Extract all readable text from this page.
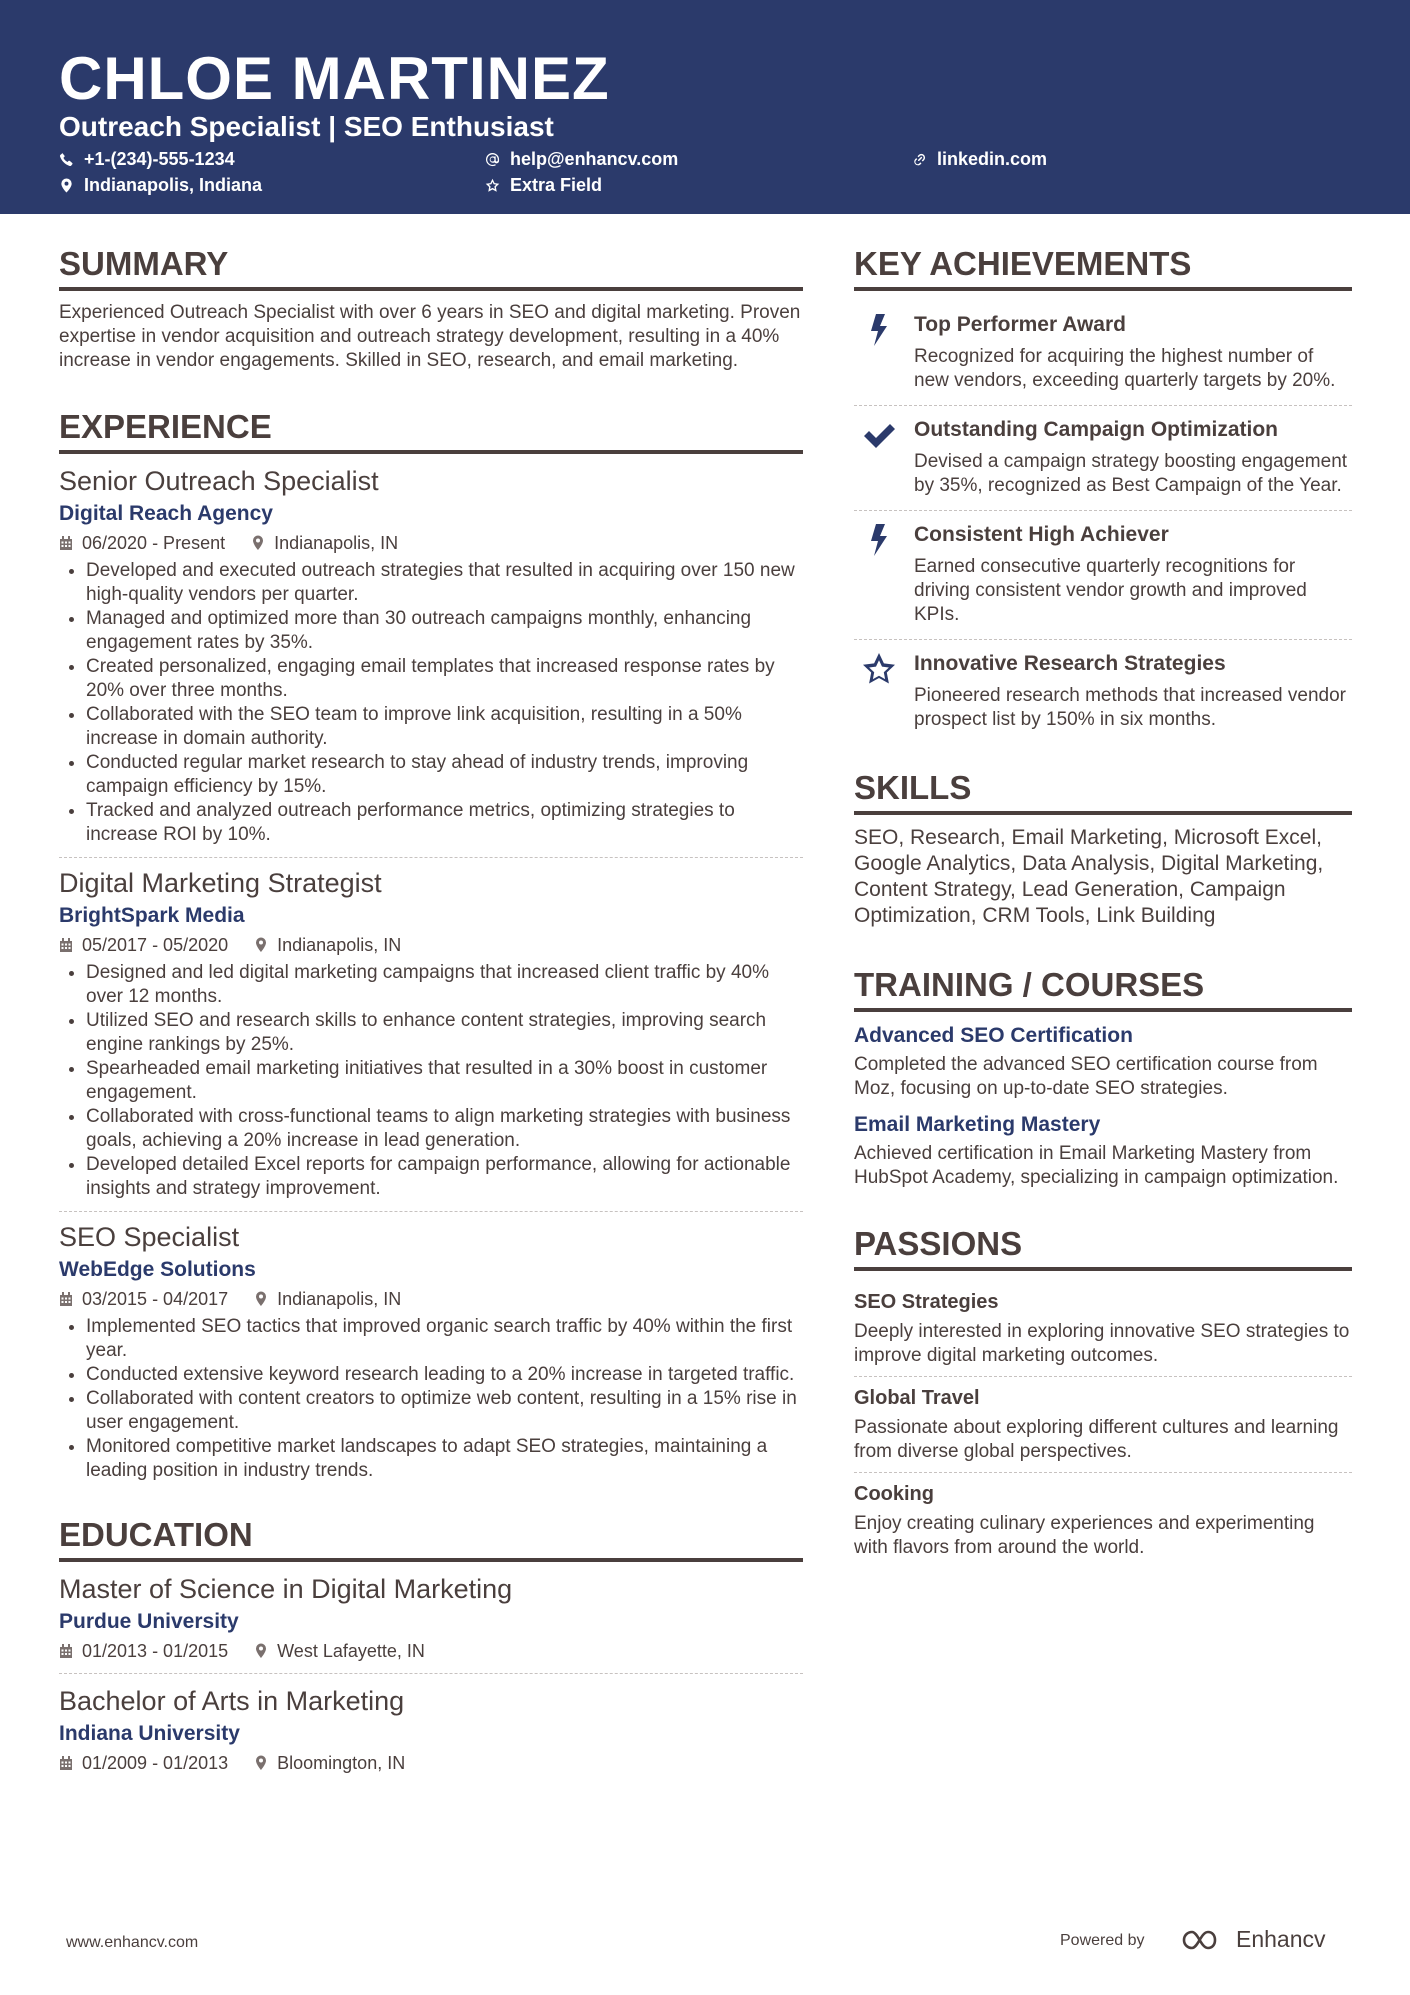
CHLOE MARTINEZ
Outreach Specialist | SEO Enthusiast
+1-(234)-555-1234	help@enhancv.com	linkedin.com
Indianapolis, Indiana	Extra Field
SUMMARY

Experienced Outreach Specialist with over 6 years in SEO and digital marketing. Proven expertise in vendor acquisition and outreach strategy development, resulting in a 40% increase in vendor engagements. Skilled in SEO, research, and email marketing.

EXPERIENCE
Senior Outreach Specialist
Digital Reach Agency
06/2020 - Present	Indianapolis, IN
Developed and executed outreach strategies that resulted in acquiring over 150 new high-quality vendors per quarter.
Managed and optimized more than 30 outreach campaigns monthly, enhancing engagement rates by 35%.
Created personalized, engaging email templates that increased response rates by 20% over three months.
Collaborated with the SEO team to improve link acquisition, resulting in a 50% increase in domain authority.
Conducted regular market research to stay ahead of industry trends, improving campaign efficiency by 15%.
Tracked and analyzed outreach performance metrics, optimizing strategies to increase ROI by 10%.
Digital Marketing Strategist
BrightSpark Media
05/2017 - 05/2020	Indianapolis, IN
Designed and led digital marketing campaigns that increased client traffic by 40% over 12 months.
Utilized SEO and research skills to enhance content strategies, improving search engine rankings by 25%.
Spearheaded email marketing initiatives that resulted in a 30% boost in customer engagement.
Collaborated with cross-functional teams to align marketing strategies with business goals, achieving a 20% increase in lead generation.
Developed detailed Excel reports for campaign performance, allowing for actionable insights and strategy improvement.
SEO Specialist
WebEdge Solutions
03/2015 - 04/2017	Indianapolis, IN
Implemented SEO tactics that improved organic search traffic by 40% within the first year.
Conducted extensive keyword research leading to a 20% increase in targeted traffic.
Collaborated with content creators to optimize web content, resulting in a 15% rise in user engagement.
Monitored competitive market landscapes to adapt SEO strategies, maintaining a leading position in industry trends.
EDUCATION
Master of Science in Digital Marketing
Purdue University
01/2013 - 01/2015	West Lafayette, IN
Bachelor of Arts in Marketing
Indiana University
01/2009 - 01/2013	Bloomington, IN
KEY ACHIEVEMENTS
Top Performer Award
Recognized for acquiring the highest number of new vendors, exceeding quarterly targets by 20%.
Outstanding Campaign Optimization
Devised a campaign strategy boosting engagement by 35%, recognized as Best Campaign of the Year.
Consistent High Achiever
Earned consecutive quarterly recognitions for driving consistent vendor growth and improved KPIs.
Innovative Research Strategies
Pioneered research methods that increased vendor prospect list by 150% in six months.
SKILLS

SEO, Research, Email Marketing, Microsoft Excel, Google Analytics, Data Analysis, Digital Marketing, Content Strategy, Lead Generation, Campaign Optimization, CRM Tools, Link Building

TRAINING / COURSES
Advanced SEO Certification
Completed the advanced SEO certification course from Moz, focusing on up-to-date SEO strategies.
Email Marketing Mastery
Achieved certification in Email Marketing Mastery from HubSpot Academy, specializing in campaign optimization.
PASSIONS
SEO Strategies
Deeply interested in exploring innovative SEO strategies to improve digital marketing outcomes.
Global Travel
Passionate about exploring different cultures and learning from diverse global perspectives.
Cooking
Enjoy creating culinary experiences and experimenting with flavors from around the world.
www.enhancv.com	Powered by	Enhancv
